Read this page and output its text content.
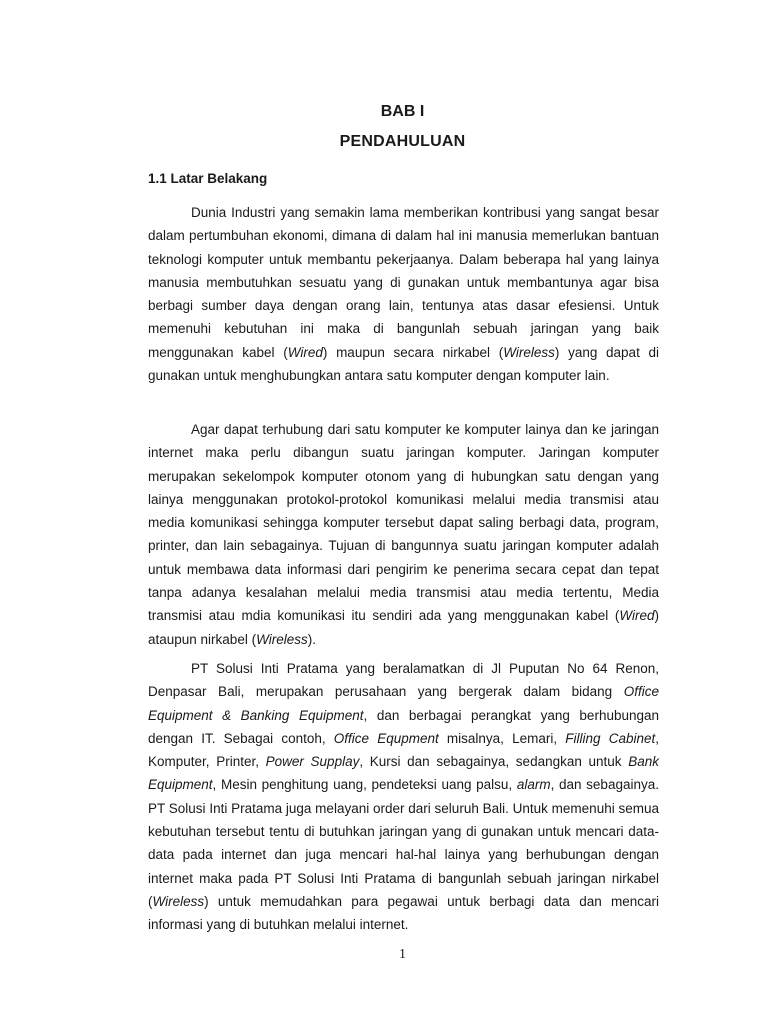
BAB I
PENDAHULUAN
1.1 Latar Belakang

Dunia Industri yang semakin lama memberikan kontribusi yang sangat besar dalam pertumbuhan ekonomi, dimana di dalam hal ini manusia memerlukan bantuan teknologi komputer untuk membantu pekerjaanya. Dalam beberapa hal yang lainya manusia membutuhkan sesuatu yang di gunakan untuk membantunya agar bisa berbagi sumber daya dengan orang lain, tentunya atas dasar efesiensi. Untuk memenuhi kebutuhan ini maka di bangunlah sebuah jaringan yang baik menggunakan kabel (Wired) maupun secara nirkabel (Wireless) yang dapat di gunakan untuk menghubungkan antara satu komputer dengan komputer lain.

Agar dapat terhubung dari satu komputer ke komputer lainya dan ke jaringan internet maka perlu dibangun suatu jaringan komputer. Jaringan komputer merupakan sekelompok komputer otonom yang di hubungkan satu dengan yang lainya menggunakan protokol-protokol komunikasi melalui media transmisi atau media komunikasi sehingga komputer tersebut dapat saling berbagi data, program, printer, dan lain sebagainya. Tujuan di bangunnya suatu jaringan komputer adalah untuk membawa data informasi dari pengirim ke penerima secara cepat dan tepat tanpa adanya kesalahan melalui media transmisi atau media tertentu, Media transmisi atau mdia komunikasi itu sendiri ada yang menggunakan kabel (Wired) ataupun nirkabel (Wireless).

PT Solusi Inti Pratama yang beralamatkan di Jl Puputan No 64 Renon, Denpasar Bali, merupakan perusahaan yang bergerak dalam bidang Office Equipment & Banking Equipment, dan berbagai perangkat yang berhubungan dengan IT. Sebagai contoh, Office Equpment misalnya, Lemari, Filling Cabinet, Komputer, Printer, Power Supplay, Kursi dan sebagainya, sedangkan untuk Bank Equipment, Mesin penghitung uang, pendeteksi uang palsu, alarm, dan sebagainya. PT Solusi Inti Pratama juga melayani order dari seluruh Bali. Untuk memenuhi semua kebutuhan tersebut tentu di butuhkan jaringan yang di gunakan untuk mencari data-data pada internet dan juga mencari hal-hal lainya yang berhubungan dengan internet maka pada PT Solusi Inti Pratama di bangunlah sebuah jaringan nirkabel (Wireless) untuk memudahkan para pegawai untuk berbagi data dan mencari informasi yang di butuhkan melalui internet.

1
